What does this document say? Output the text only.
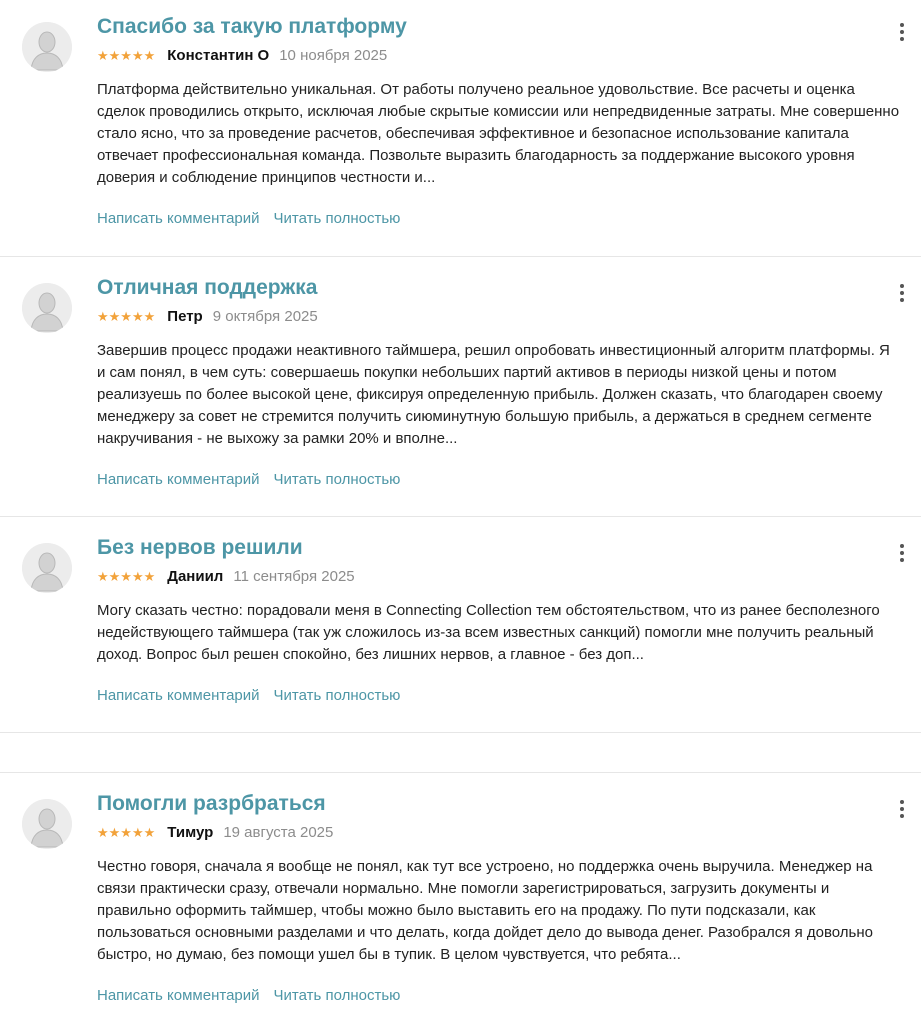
Спасибо за такую платформу
★★★★★ Константин О 10 ноября 2025
Платформа действительно уникальная. От работы получено реальное удовольствие. Все расчеты и оценка сделок проводились открыто, исключая любые скрытые комиссии или непредвиденные затраты. Мне совершенно стало ясно, что за проведение расчетов, обеспечивая эффективное и безопасное использование капитала отвечает профессиональная команда. Позвольте выразить благодарность за поддержание высокого уровня доверия и соблюдение принципов честности и...
Написать комментарий Читать полностью
Отличная поддержка
★★★★★ Петр 9 октября 2025
Завершив процесс продажи неактивного таймшера, решил опробовать инвестиционный алгоритм платформы. Я и сам понял, в чем суть: совершаешь покупки небольших партий активов в периоды низкой цены и потом реализуешь по более высокой цене, фиксируя определенную прибыль. Должен сказать, что благодарен своему менеджеру за совет не стремится получить сиюминутную большую прибыль, а держаться в среднем сегменте накручивания - не выхожу за рамки 20% и вполне...
Написать комментарий Читать полностью
Без нервов решили
★★★★★ Даниил 11 сентября 2025
Могу сказать честно: порадовали меня в Connecting Collection тем обстоятельством, что из ранее бесполезного недействующего таймшера (так уж сложилось из-за всем известных санкций) помогли мне получить реальный доход. Вопрос был решен спокойно, без лишних нервов, а главное - без доп...
Написать комментарий Читать полностью
Помогли разрбраться
★★★★★ Тимур 19 августа 2025
Честно говоря, сначала я вообще не понял, как тут все устроено, но поддержка очень выручила. Менеджер на связи практически сразу, отвечали нормально. Мне помогли зарегистрироваться, загрузить документы и правильно оформить таймшер, чтобы можно было выставить его на продажу. По пути подсказали, как пользоваться основными разделами и что делать, когда дойдет дело до вывода денег. Разобрался я довольно быстро, но думаю, без помощи ушел бы в тупик. В целом чувствуется, что ребята...
Написать комментарий Читать полностью
